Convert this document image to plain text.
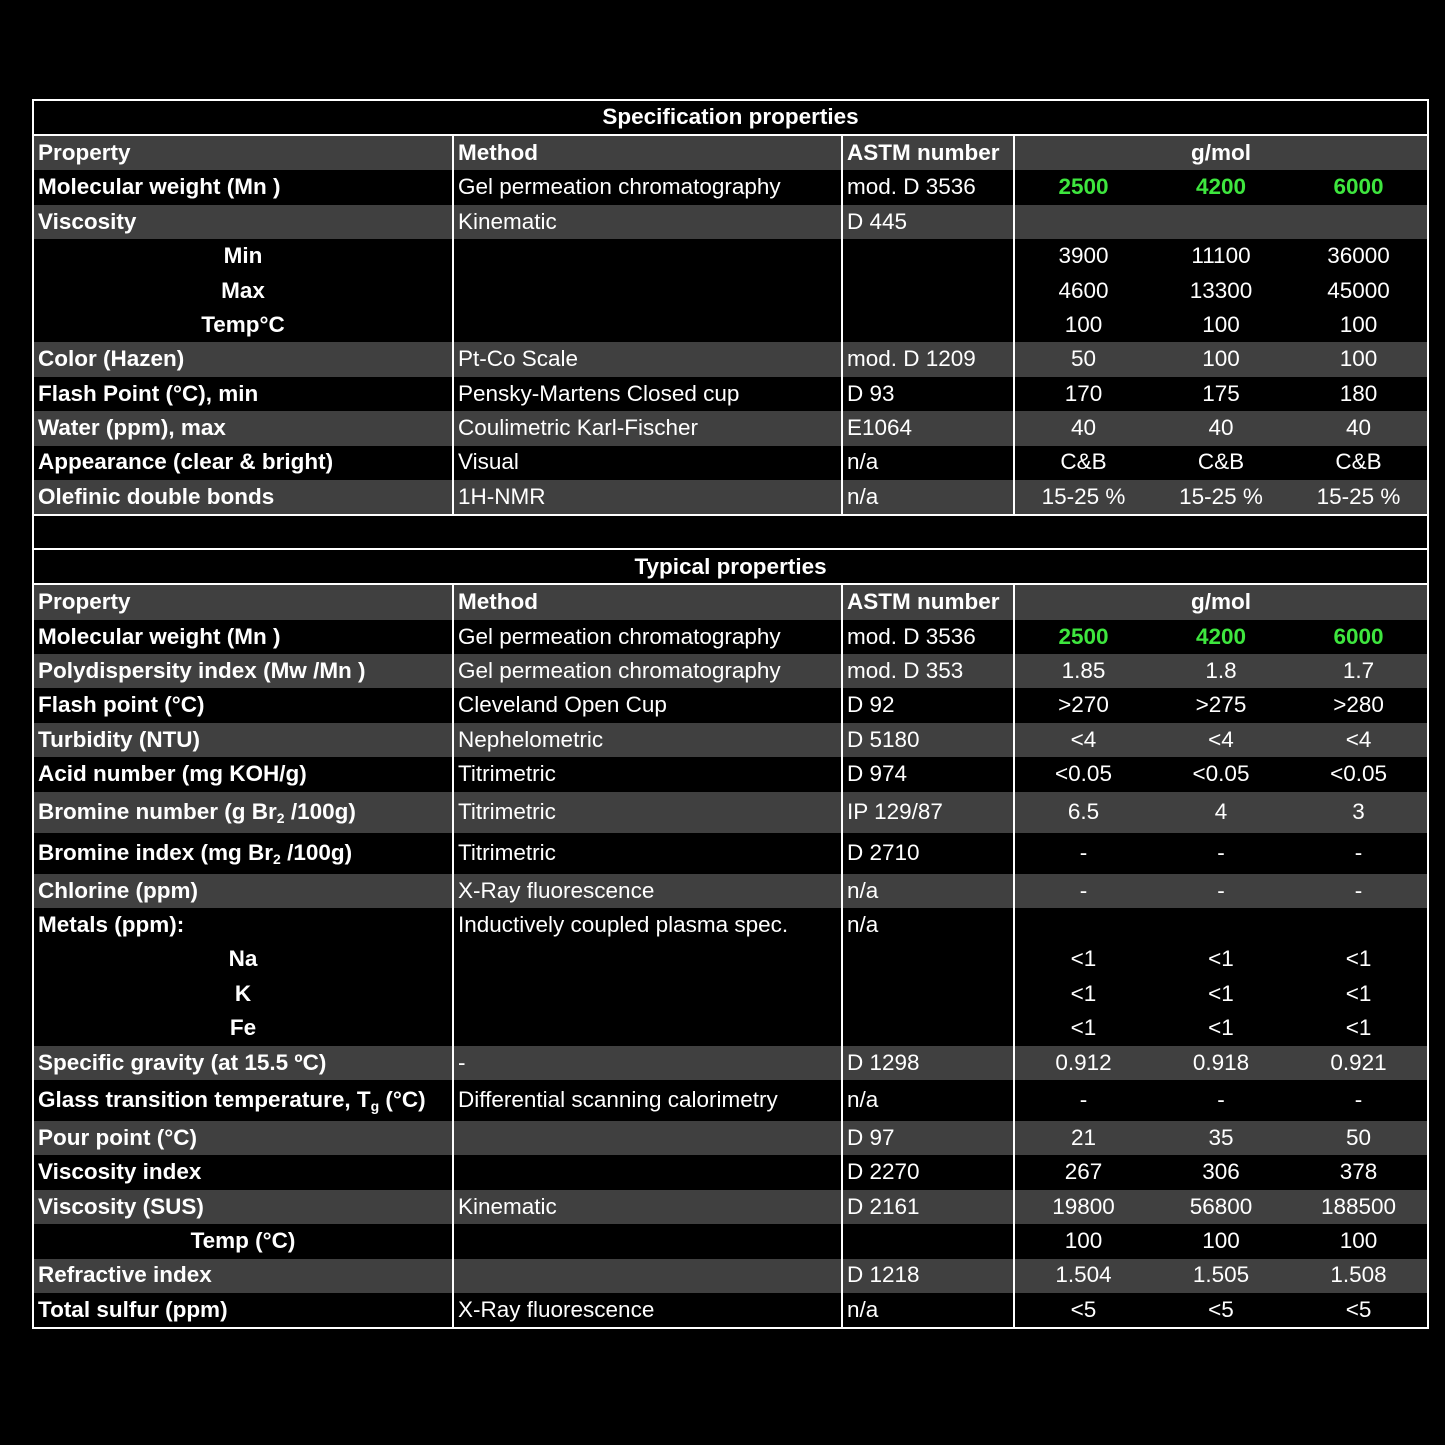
Specification properties					
Property	Method	ASTM number	g/mol		
Molecular weight (Mn )	Gel permeation chromatography	mod. D 3536	2500	4200	6000
Viscosity	Kinematic	D 445			
Min			3900	11100	36000
Max			4600	13300	45000
Temp°C			100	100	100
Color (Hazen)	Pt-Co Scale	mod. D 1209	50	100	100
Flash Point (°C), min	Pensky-Martens Closed cup	D 93	170	175	180
Water (ppm), max	Coulimetric Karl-Fischer	E1064	40	40	40
Appearance (clear & bright)	Visual	n/a	C&B	C&B	C&B
Olefinic double bonds	1H-NMR	n/a	15-25 %	15-25 %	15-25 %

Typical properties					
Property	Method	ASTM number	g/mol		
Molecular weight (Mn )	Gel permeation chromatography	mod. D 3536	2500	4200	6000
Polydispersity index (Mw /Mn )	Gel permeation chromatography	mod. D 353	1.85	1.8	1.7
Flash point (°C)	Cleveland Open Cup	D 92	>270	>275	>280
Turbidity (NTU)	Nephelometric	D 5180	<4	<4	<4
Acid number (mg KOH/g)	Titrimetric	D 974	<0.05	<0.05	<0.05
Bromine number (g $Br_2$ /100g)	Titrimetric	IP 129/87	6.5	4	3
Bromine index (mg $Br_2$ /100g)	Titrimetric	D 2710	-	-	-
Chlorine (ppm)	X-Ray fluorescence	n/a	-	-	-
Metals (ppm):	Inductively coupled plasma spec.	n/a			
Na			<1	<1	<1
K			<1	<1	<1
Fe			<1	<1	<1
Specific gravity (at 15.5 ºC)	-	D 1298	0.912	0.918	0.921
Glass transition temperature, $T_g$ (°C)	Differential scanning calorimetry	n/a	-	-	-
Pour point (°C)		D 97	21	35	50
Viscosity index		D 2270	267	306	378
Viscosity (SUS)	Kinematic	D 2161	19800	56800	188500
Temp (°C)			100	100	100
Refractive index		D 1218	1.504	1.505	1.508
Total sulfur (ppm)	X-Ray fluorescence	n/a	<5	<5	<5
